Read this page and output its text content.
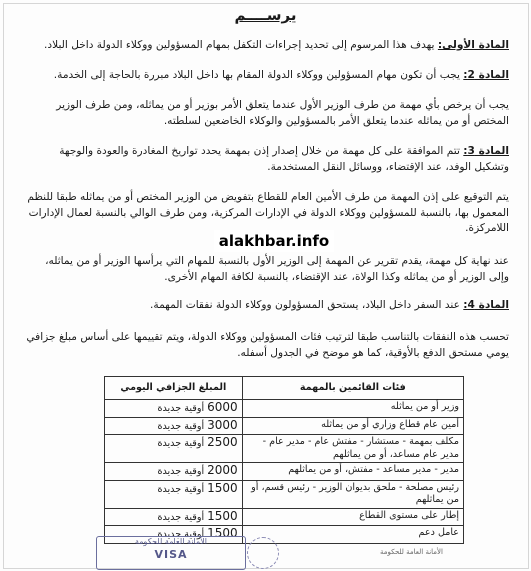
يرســــم
المادة الأولى: يهدف هذا المرسوم إلى تحديد إجراءات التكفل بمهام المسؤولين ووكلاء الدولة داخل البلاد.
المادة 2: يجب أن تكون مهام المسؤولين ووكلاء الدولة المقام بها داخل البلاد مبررة بالحاجة إلى الخدمة.
يجب أن يرخص بأي مهمة من طرف الوزير الأول عندما يتعلق الأمر بوزير أو من يماثله، ومن طرف الوزير المختص أو من يماثله عندما يتعلق الأمر بالمسؤولين والوكلاء الخاضعين لسلطته.
المادة 3: تتم الموافقة على كل مهمة من خلال إصدار إذن بمهمة يحدد تواريخ المغادرة والعودة والوجهة وتشكيل الوفد، عند الإقتضاء، ووسائل النقل المستخدمة.
يتم التوقيع على إذن المهمة من طرف الأمين العام للقطاع بتفويض من الوزير المختص أو من يماثله طبقا للنظم المعمول بها، بالنسبة للمسؤولين ووكلاء الدولة في الإدارات المركزية، ومن طرف الوالي بالنسبة لعمال الإدارات اللامركزة.
عند نهاية كل مهمة، يقدم تقرير عن المهمة إلى الوزير الأول بالنسبة للمهام التي يرأسها الوزير أو من يماثله، وإلى الوزير أو من يماثله وكذا الولاة، عند الإقتضاء، بالنسبة لكافة المهام الأخرى.
alakhbar.info
المادة 4: عند السفر داخل البلاد، يستحق المسؤولون ووكلاء الدولة نفقات المهمة.
تحسب هذه النفقات بالتناسب طبقا لترتيب فئات المسؤولين ووكلاء الدولة، ويتم تقييمها على أساس مبلغ جزافي يومي مستحق الدفع بالأوقية، كما هو موضح في الجدول أسفله.
فئات القائمين بالمهمة	المبلغ الجزافي اليومي
وزير أو من يماثله	6000أوقية جديدة
أمين عام قطاع وزاري أو من يماثله	3000أوقية جديدة
مكلف بمهمة - مستشار - مفتش عام - مدير عام - مدير عام مساعد، أو من يماثلهم	2500أوقية جديدة
مدير - مدير مساعد - مفتش، أو من يماثلهم	2000أوقية جديدة
رئيس مصلحة - ملحق بديوان الوزير - رئيس قسم، أو من يماثلهم	1500أوقية جديدة
إطار على مستوى القطاع	1500أوقية جديدة
عامل دعم	1500أوقية جديدة
الأمانة العامة للحكومة
VISA	الأمانة العامة للحكومة
